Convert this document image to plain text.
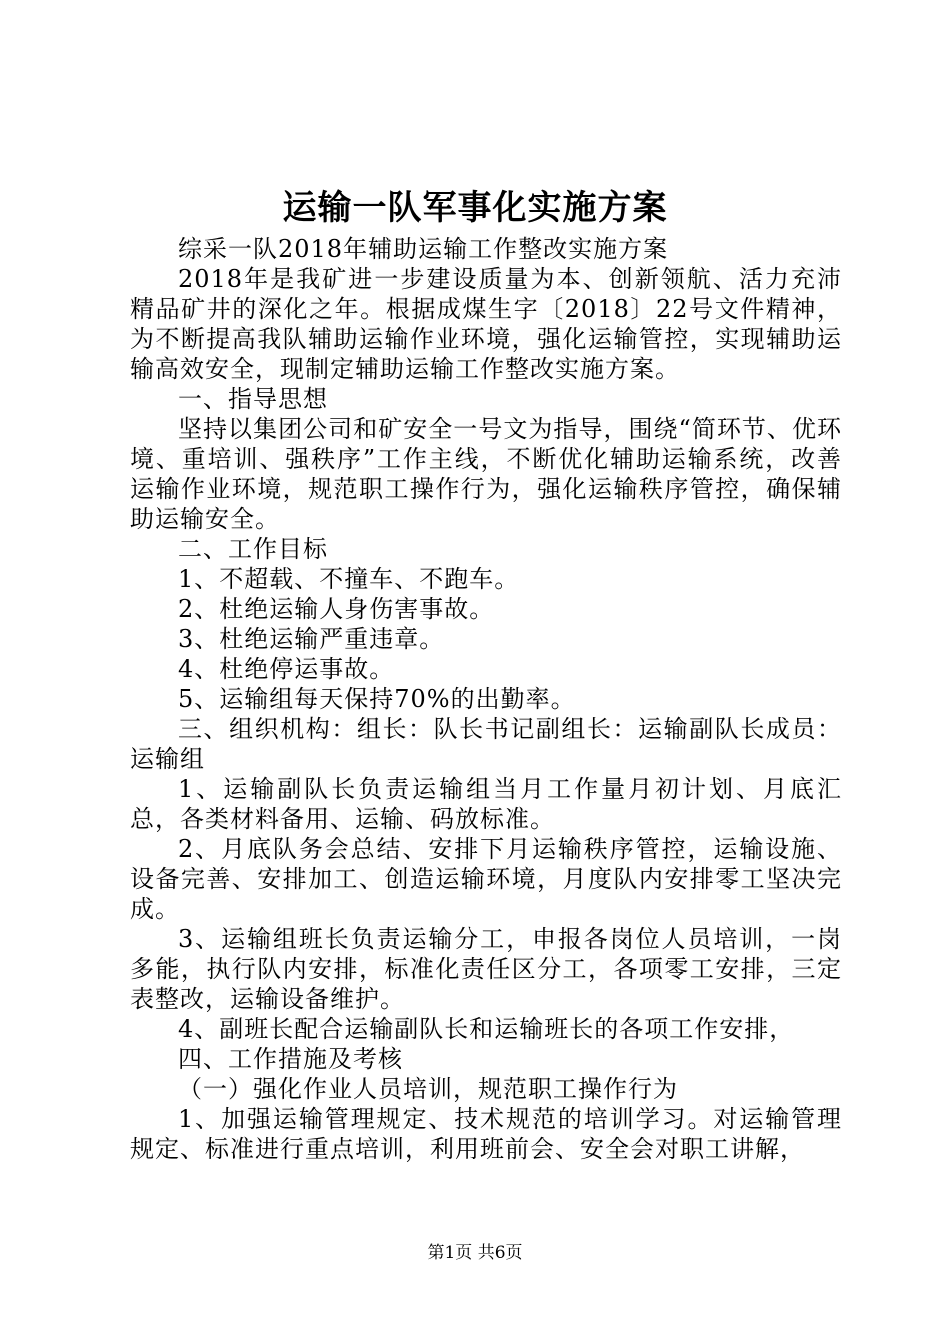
运输一队军事化实施方案

综采一队2018年辅助运输工作整改实施方案

2018年是我矿进一步建设质量为本、创新领航、活力充沛精品矿井的深化之年。根据成煤生字〔2018〕22号文件精神，为不断提高我队辅助运输作业环境，强化运输管控，实现辅助运输高效安全，现制定辅助运输工作整改实施方案。

一、指导思想

坚持以集团公司和矿安全一号文为指导，围绕“简环节、优环境、重培训、强秩序”工作主线，不断优化辅助运输系统，改善运输作业环境，规范职工操作行为，强化运输秩序管控，确保辅助运输安全。

二、工作目标

1、不超载、不撞车、不跑车。

2、杜绝运输人身伤害事故。

3、杜绝运输严重违章。

4、杜绝停运事故。

5、运输组每天保持70%的出勤率。

三、组织机构：组长：队长书记副组长：运输副队长成员：运输组

1、运输副队长负责运输组当月工作量月初计划、月底汇总，各类材料备用、运输、码放标准。

2、月底队务会总结、安排下月运输秩序管控，运输设施、设备完善、安排加工、创造运输环境，月度队内安排零工坚决完成。

3、运输组班长负责运输分工，申报各岗位人员培训，一岗多能，执行队内安排，标准化责任区分工，各项零工安排，三定表整改，运输设备维护。

4、副班长配合运输副队长和运输班长的各项工作安排，

四、工作措施及考核

（一）强化作业人员培训，规范职工操作行为

1、加强运输管理规定、技术规范的培训学习。对运输管理规定、标准进行重点培训，利用班前会、安全会对职工讲解，

第1页 共6页
